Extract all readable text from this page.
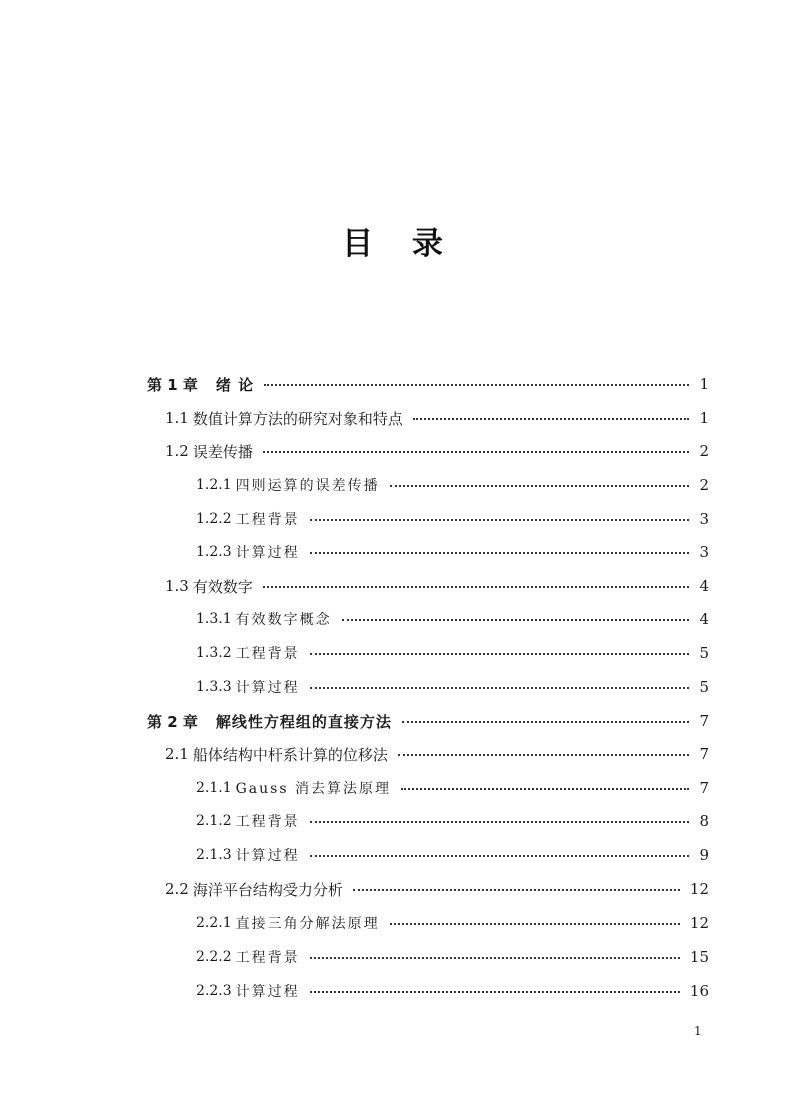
目 录
第 1 章 绪 论	1
1.1 数值计算方法的研究对象和特点	1
1.2 误差传播	2
1.2.1 四则运算的误差传播	2
1.2.2 工程背景	3
1.2.3 计算过程	3
1.3 有效数字	4
1.3.1 有效数字概念	4
1.3.2 工程背景	5
1.3.3 计算过程	5
第 2 章 解线性方程组的直接方法	7
2.1 船体结构中杆系计算的位移法	7
2.1.1 Gauss 消去算法原理	7
2.1.2 工程背景	8
2.1.3 计算过程	9
2.2 海洋平台结构受力分析	12
2.2.1 直接三角分解法原理	12
2.2.2 工程背景	15
2.2.3 计算过程	16
1
